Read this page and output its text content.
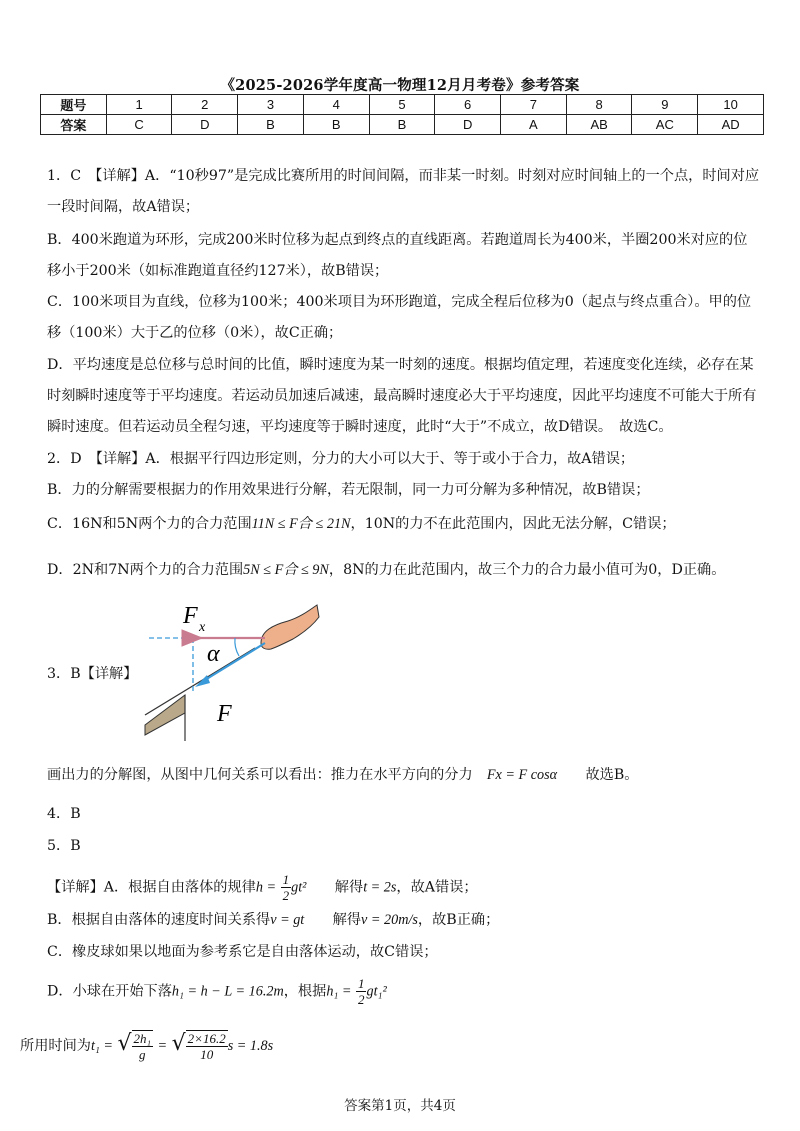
《2025-2026学年度高一物理12月月考卷》参考答案
题号	1	2	3	4	5	6	7	8	9	10
答案	C	D	B	B	B	D	A	AB	AC	AD
1．C　【详解】A．“10秒97”是完成比赛所用的时间间隔，而非某一时刻。时刻对应时间轴上的一个点，时间对应
一段时间隔，故A错误；
B．400米跑道为环形，完成200米时位移为起点到终点的直线距离。若跑道周长为400米，半圈200米对应的位
移小于200米（如标准跑道直径约127米），故B错误；
C．100米项目为直线，位移为100米；400米项目为环形跑道，完成全程后位移为0（起点与终点重合）。甲的位
移（100米）大于乙的位移（0米），故C正确；
D．平均速度是总位移与总时间的比值，瞬时速度为某一时刻的速度。根据均值定理，若速度变化连续，必存在某
时刻瞬时速度等于平均速度。若运动员加速后减速，最高瞬时速度必大于平均速度，因此平均速度不可能大于所有
瞬时速度。但若运动员全程匀速，平均速度等于瞬时速度，此时“大于”不成立，故D错误。　故选C。
2．D　【详解】A．根据平行四边形定则，分力的大小可以大于、等于或小于合力，故A错误；
B．力的分解需要根据力的作用效果进行分解，若无限制，同一力可分解为多种情况，故B错误；
C．16N和5N两个力的合力范围11N ≤ F合 ≤ 21N，10N的力不在此范围内，因此无法分解，C错误；
D．2N和7N两个力的合力范围5N ≤ F合 ≤ 9N，8N的力在此范围内，故三个力的合力最小值可为0，D正确。
3．B【详解】
F x
α
F
画出力的分解图，从图中几何关系可以看出：推力在水平方向的分力　 Fx = F cosα　　 故选B。
4．B
5．B
【详解】A．根据自由落体的规律$h = \frac{1}{2} gt^2$　　 解得t = 2s，故A错误；
B．根据自由落体的速度时间关系得v = gt　　 解得v = 20m/s，故B正确；
C．橡皮球如果以地面为参考系它是自由落体运动，故C错误；
D．小球在开始下落h₁ = h − L = 16.2m，根据$h_1 = \frac{1}{2} gt_1^2$
所用时间为t₁ = √ $\frac{\text{2h₁}}{g}$ = √ $\frac{2\times 16.2}{10}$ s = 1.8s
答案第1页，共4页
